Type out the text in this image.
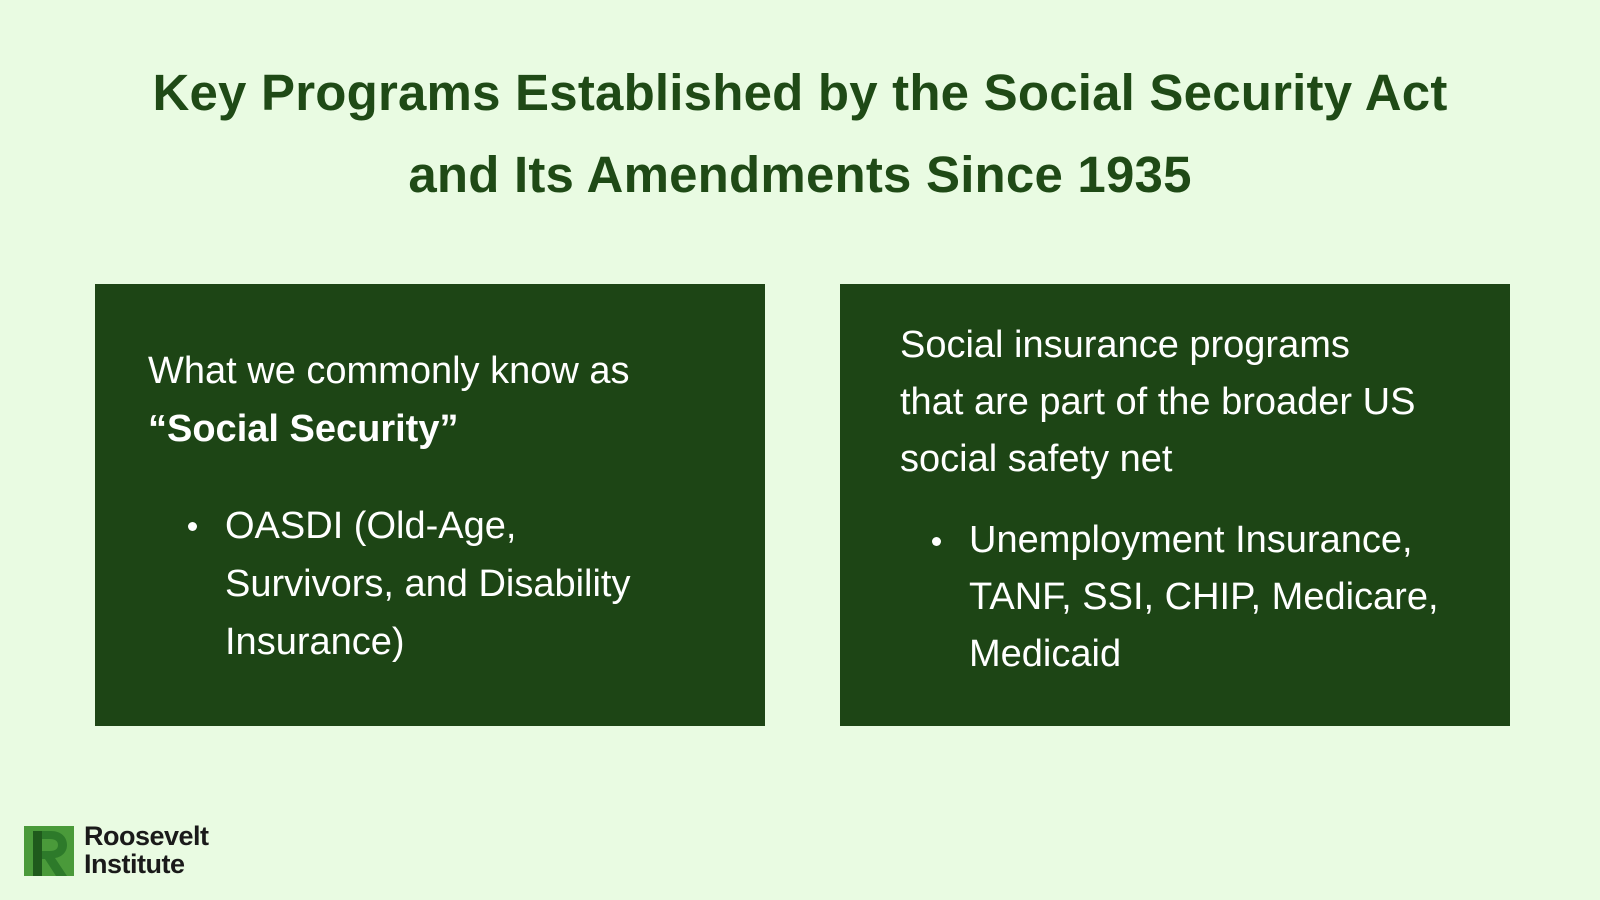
Key Programs Established by the Social Security Act
and Its Amendments Since 1935
What we commonly know as
“Social Security”
OASDI (Old-Age, Survivors, and Disability Insurance)
Social insurance programs that are part of the broader US social safety net
Unemployment Insurance, TANF, SSI, CHIP, Medicare, Medicaid
Roosevelt
Institute
